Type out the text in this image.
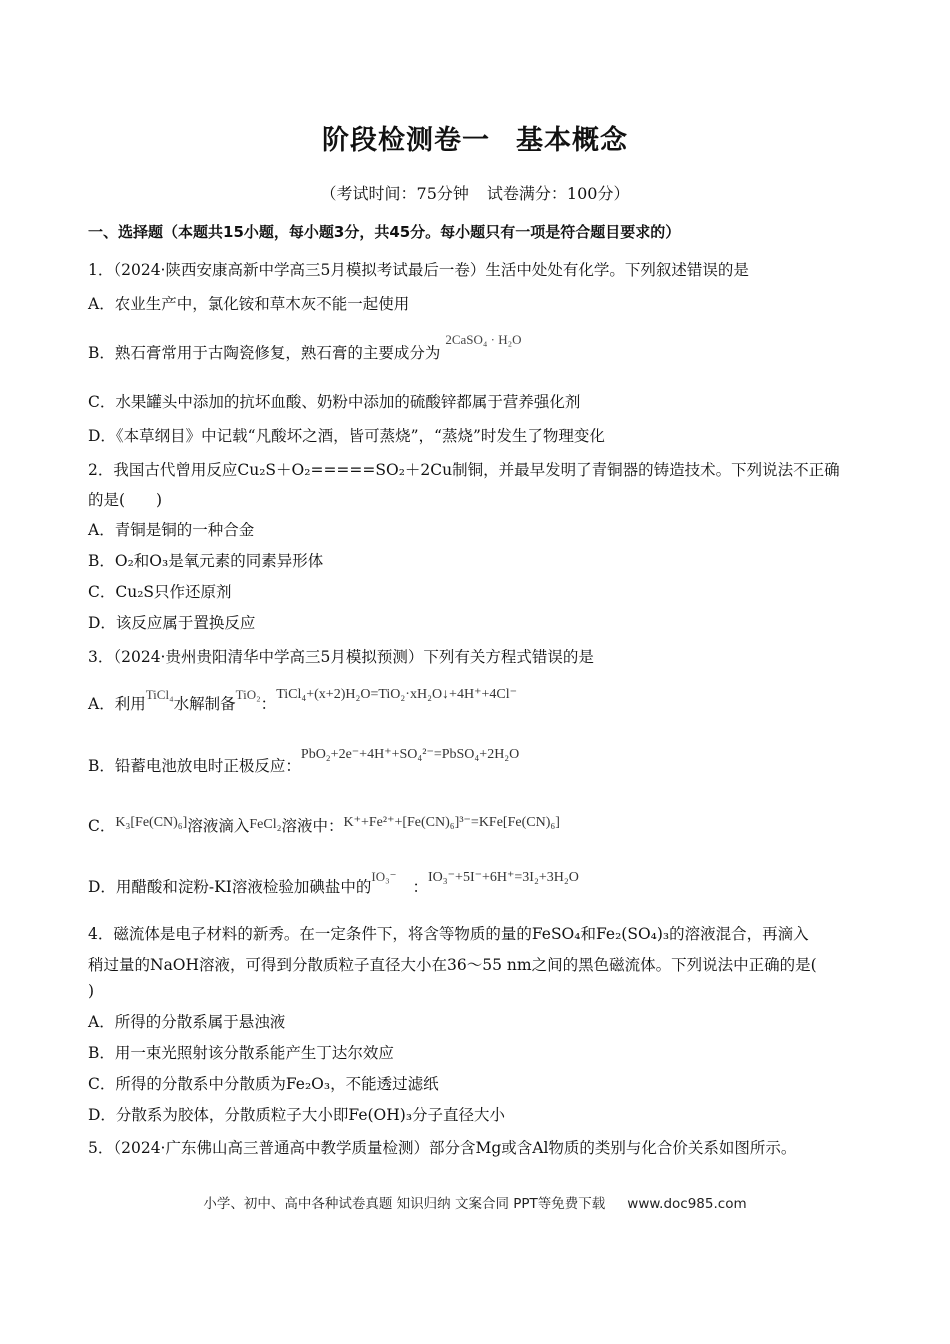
阶段检测卷一 基本概念
（考试时间：75分钟 试卷满分：100分）
一、选择题（本题共15小题，每小题3分，共45分。每小题只有一项是符合题目要求的）
1．（2024·陕西安康高新中学高三5月模拟考试最后一卷）生活中处处有化学。下列叙述错误的是
A．农业生产中，氯化铵和草木灰不能一起使用
B．熟石膏常用于古陶瓷修复，熟石膏的主要成分为 $^{2CaSO_4 \cdot H_2O}$
C．水果罐头中添加的抗坏血酸、奶粉中添加的硫酸锌都属于营养强化剂
D．《本草纲目》中记载“凡酸坏之酒，皆可蒸烧”，“蒸烧”时发生了物理变化
2．我国古代曾用反应Cu₂S＋O₂=====SO₂＋2Cu制铜，并最早发明了青铜器的铸造技术。下列说法不正确
的是(　　)
A．青铜是铜的一种合金
B．O₂和O₃是氧元素的同素异形体
C．Cu₂S只作还原剂
D．该反应属于置换反应
3．（2024·贵州贵阳清华中学高三5月模拟预测）下列有关方程式错误的是
A．利用$^{TiCl_4}$水解制备$^{TiO_2}$：TiCl₄+(x+2)H₂O=TiO₂·xH₂O↓+4H⁺+4Cl⁻
B．铅蓄电池放电时正极反应：PbO₂+2e⁻+4H⁺+SO₄²⁻=PbSO₄+2H₂O
C．K₃[Fe(CN)₆]溶液滴入FeCl₂溶液中：K⁺+Fe²⁺+[Fe(CN)₆]³⁻=KFe[Fe(CN)₆]
D．用醋酸和淀粉-KI溶液检验加碘盐中的$^{IO_3^-}$：IO₃⁻+5I⁻+6H⁺=3I₂+3H₂O
4．磁流体是电子材料的新秀。在一定条件下，将含等物质的量的FeSO₄和Fe₂(SO₄)₃的溶液混合，再滴入
稍过量的NaOH溶液，可得到分散质粒子直径大小在36～55 nm之间的黑色磁流体。下列说法中正确的是(
)
A．所得的分散系属于悬浊液
B．用一束光照射该分散系能产生丁达尔效应
C．所得的分散系中分散质为Fe₂O₃，不能透过滤纸
D．分散系为胶体，分散质粒子大小即Fe(OH)₃分子直径大小
5．（2024·广东佛山高三普通高中教学质量检测）部分含Mg或含Al物质的类别与化合价关系如图所示。
小学、初中、高中各种试卷真题 知识归纳 文案合同 PPT等免费下载 www.doc985.com
